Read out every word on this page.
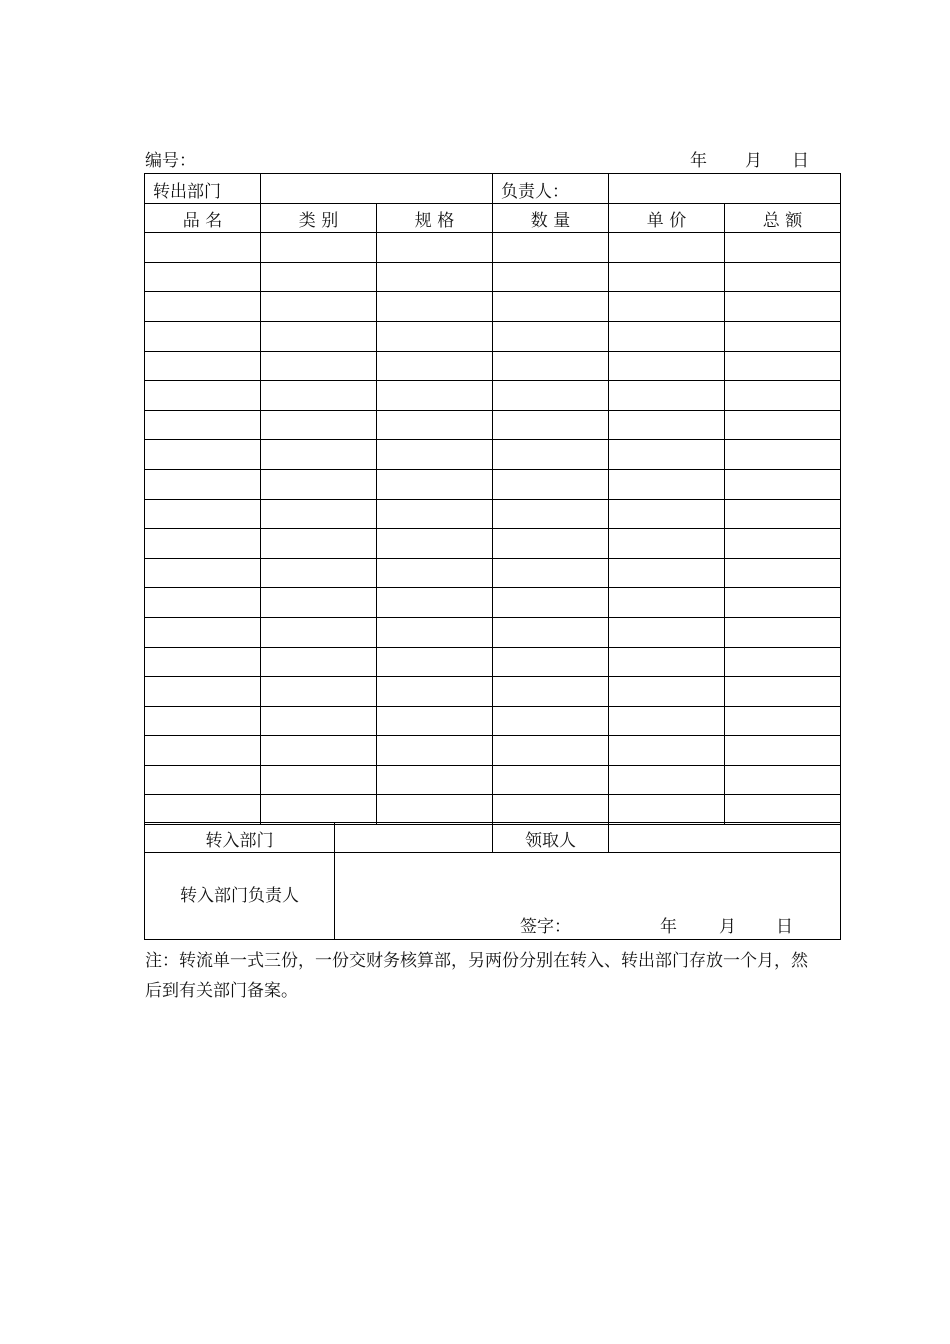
编号：	年 月 日
转出部门			负责人：		
品 名	类 别	规 格	数 量	单 价	总 额

转入部门		领取人	
转入部门负责人			
签字：	年 月 日
注：转流单一式三份，一份交财务核算部，另两份分别在转入、转出部门存放一个月，然后到有关部门备案。
